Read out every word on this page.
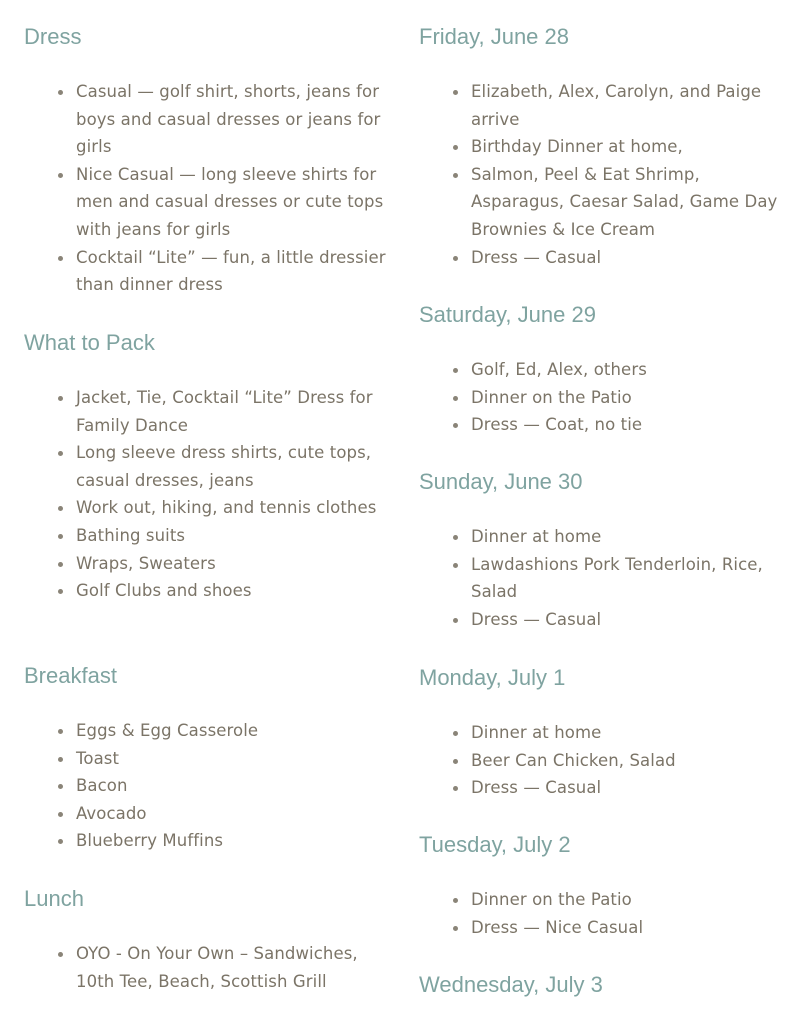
Dress
Casual — golf shirt, shorts, jeans for boys and casual dresses or jeans for girls
Nice Casual — long sleeve shirts for men and casual dresses or cute tops with jeans for girls
Cocktail “Lite” — fun, a little dressier than dinner dress
What to Pack
Jacket, Tie, Cocktail “Lite” Dress for Family Dance
Long sleeve dress shirts, cute tops, casual dresses, jeans
Work out, hiking, and tennis clothes
Bathing suits
Wraps, Sweaters
Golf Clubs and shoes
Breakfast
Eggs & Egg Casserole
Toast
Bacon
Avocado
Blueberry Muffins
Lunch
OYO - On Your Own – Sandwiches, 10th Tee, Beach, Scottish Grill
Friday, June 28
Elizabeth, Alex, Carolyn, and Paige arrive
Birthday Dinner at home,
Salmon, Peel & Eat Shrimp, Asparagus, Caesar Salad, Game Day Brownies & Ice Cream
Dress — Casual
Saturday, June 29
Golf, Ed, Alex, others
Dinner on the Patio
Dress — Coat, no tie
Sunday, June 30
Dinner at home
Lawdashions Pork Tenderloin, Rice, Salad
Dress — Casual
Monday, July 1
Dinner at home
Beer Can Chicken, Salad
Dress — Casual
Tuesday, July 2
Dinner on the Patio
Dress — Nice Casual
Wednesday, July 3
